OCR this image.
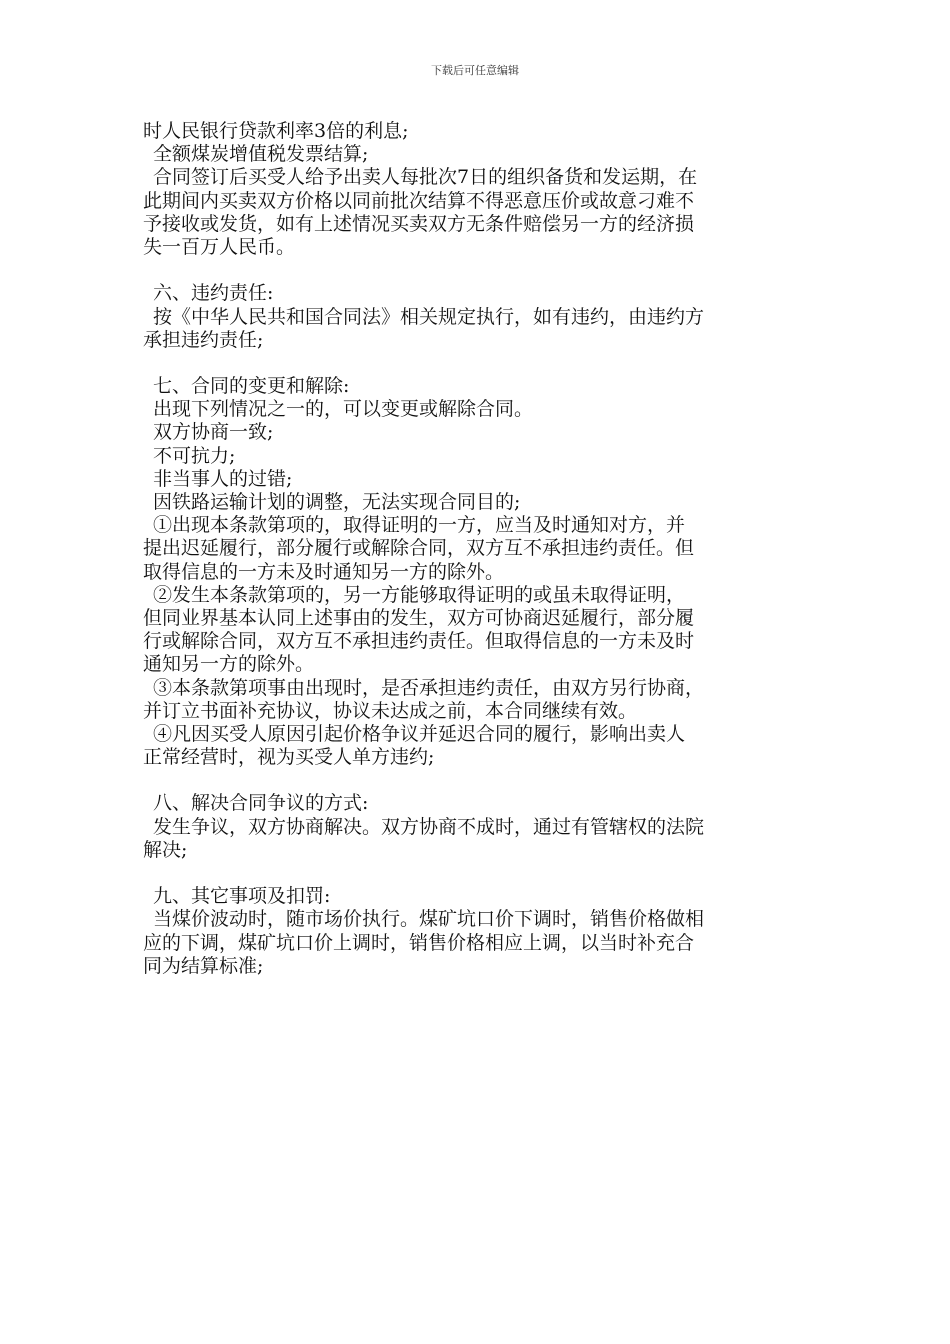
下载后可任意编辑
时人民银行贷款利率3倍的利息;
全额煤炭增值税发票结算;
合同签订后买受人给予出卖人每批次7日的组织备货和发运期，在
此期间内买卖双方价格以同前批次结算不得恶意压价或故意刁难不
予接收或发货，如有上述情况买卖双方无条件赔偿另一方的经济损
失一百万人民币。
六、违约责任:
按《中华人民共和国合同法》相关规定执行，如有违约，由违约方
承担违约责任;
七、合同的变更和解除:
出现下列情况之一的，可以变更或解除合同。
双方协商一致;
不可抗力;
非当事人的过错;
因铁路运输计划的调整，无法实现合同目的;
①出现本条款第项的，取得证明的一方，应当及时通知对方，并
提出迟延履行，部分履行或解除合同，双方互不承担违约责任。但
取得信息的一方未及时通知另一方的除外。
②发生本条款第项的，另一方能够取得证明的或虽未取得证明，
但同业界基本认同上述事由的发生，双方可协商迟延履行，部分履
行或解除合同，双方互不承担违约责任。但取得信息的一方未及时
通知另一方的除外。
③本条款第项事由出现时，是否承担违约责任，由双方另行协商，
并订立书面补充协议，协议未达成之前，本合同继续有效。
④凡因买受人原因引起价格争议并延迟合同的履行，影响出卖人
正常经营时，视为买受人单方违约;
八、解决合同争议的方式:
发生争议，双方协商解决。双方协商不成时，通过有管辖权的法院
解决;
九、其它事项及扣罚:
当煤价波动时，随市场价执行。煤矿坑口价下调时，销售价格做相
应的下调，煤矿坑口价上调时，销售价格相应上调，以当时补充合
同为结算标准;
